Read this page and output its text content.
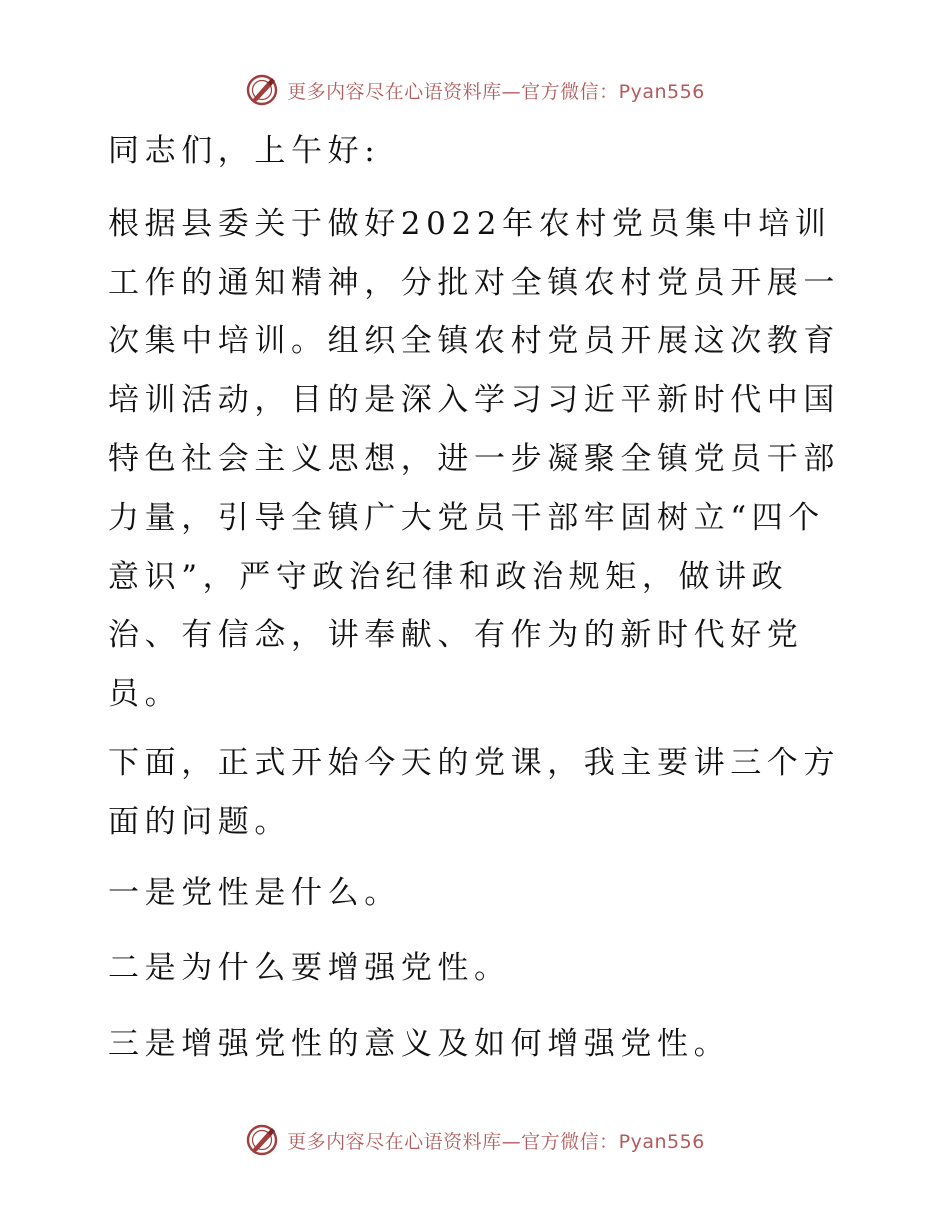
更多内容尽在心语资料库—官方微信：Pyan556

同志们，上午好:

根据县委关于做好2022年农村党员集中培训工作的通知精神，分批对全镇农村党员开展一次集中培训。组织全镇农村党员开展这次教育培训活动，目的是深入学习习近平新时代中国特色社会主义思想，进一步凝聚全镇党员干部力量，引导全镇广大党员干部牢固树立“四个意识”，严守政治纪律和政治规矩，做讲政治、有信念，讲奉献、有作为的新时代好党员。

下面，正式开始今天的党课，我主要讲三个方面的问题。

一是党性是什么。

二是为什么要增强党性。

三是增强党性的意义及如何增强党性。

更多内容尽在心语资料库—官方微信：Pyan556
